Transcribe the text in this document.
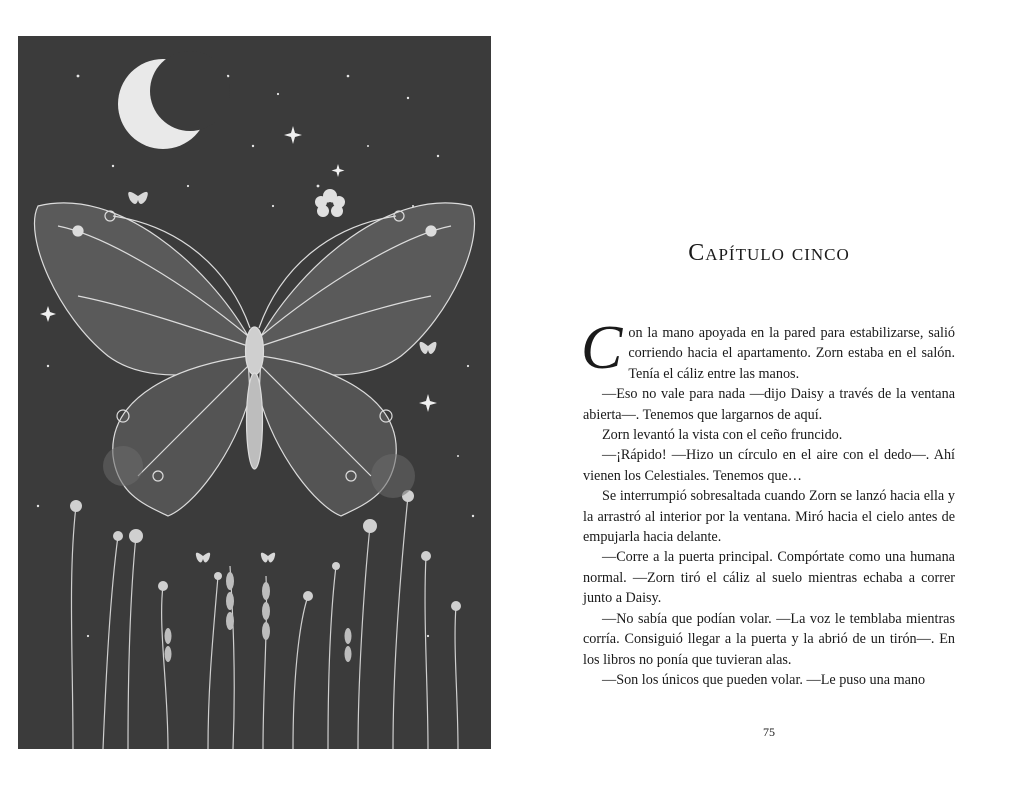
Capítulo cinco

Con la mano apoyada en la pared para estabilizarse, salió corriendo hacia el apartamento. Zorn estaba en el salón. Tenía el cáliz entre las manos.

—Eso no vale para nada —dijo Daisy a través de la ventana abierta—. Tenemos que largarnos de aquí.

Zorn levantó la vista con el ceño fruncido.

—¡Rápido! —Hizo un círculo en el aire con el dedo—. Ahí vienen los Celestiales. Tenemos que…

Se interrumpió sobresaltada cuando Zorn se lanzó hacia ella y la arrastró al interior por la ventana. Miró hacia el cielo antes de empujarla hacia delante.

—Corre a la puerta principal. Compórtate como una humana normal. —Zorn tiró el cáliz al suelo mientras echaba a correr junto a Daisy.

—No sabía que podían volar. —La voz le temblaba mientras corría. Consiguió llegar a la puerta y la abrió de un tirón—. En los libros no ponía que tuvieran alas.

—Son los únicos que pueden volar. —Le puso una mano

75
